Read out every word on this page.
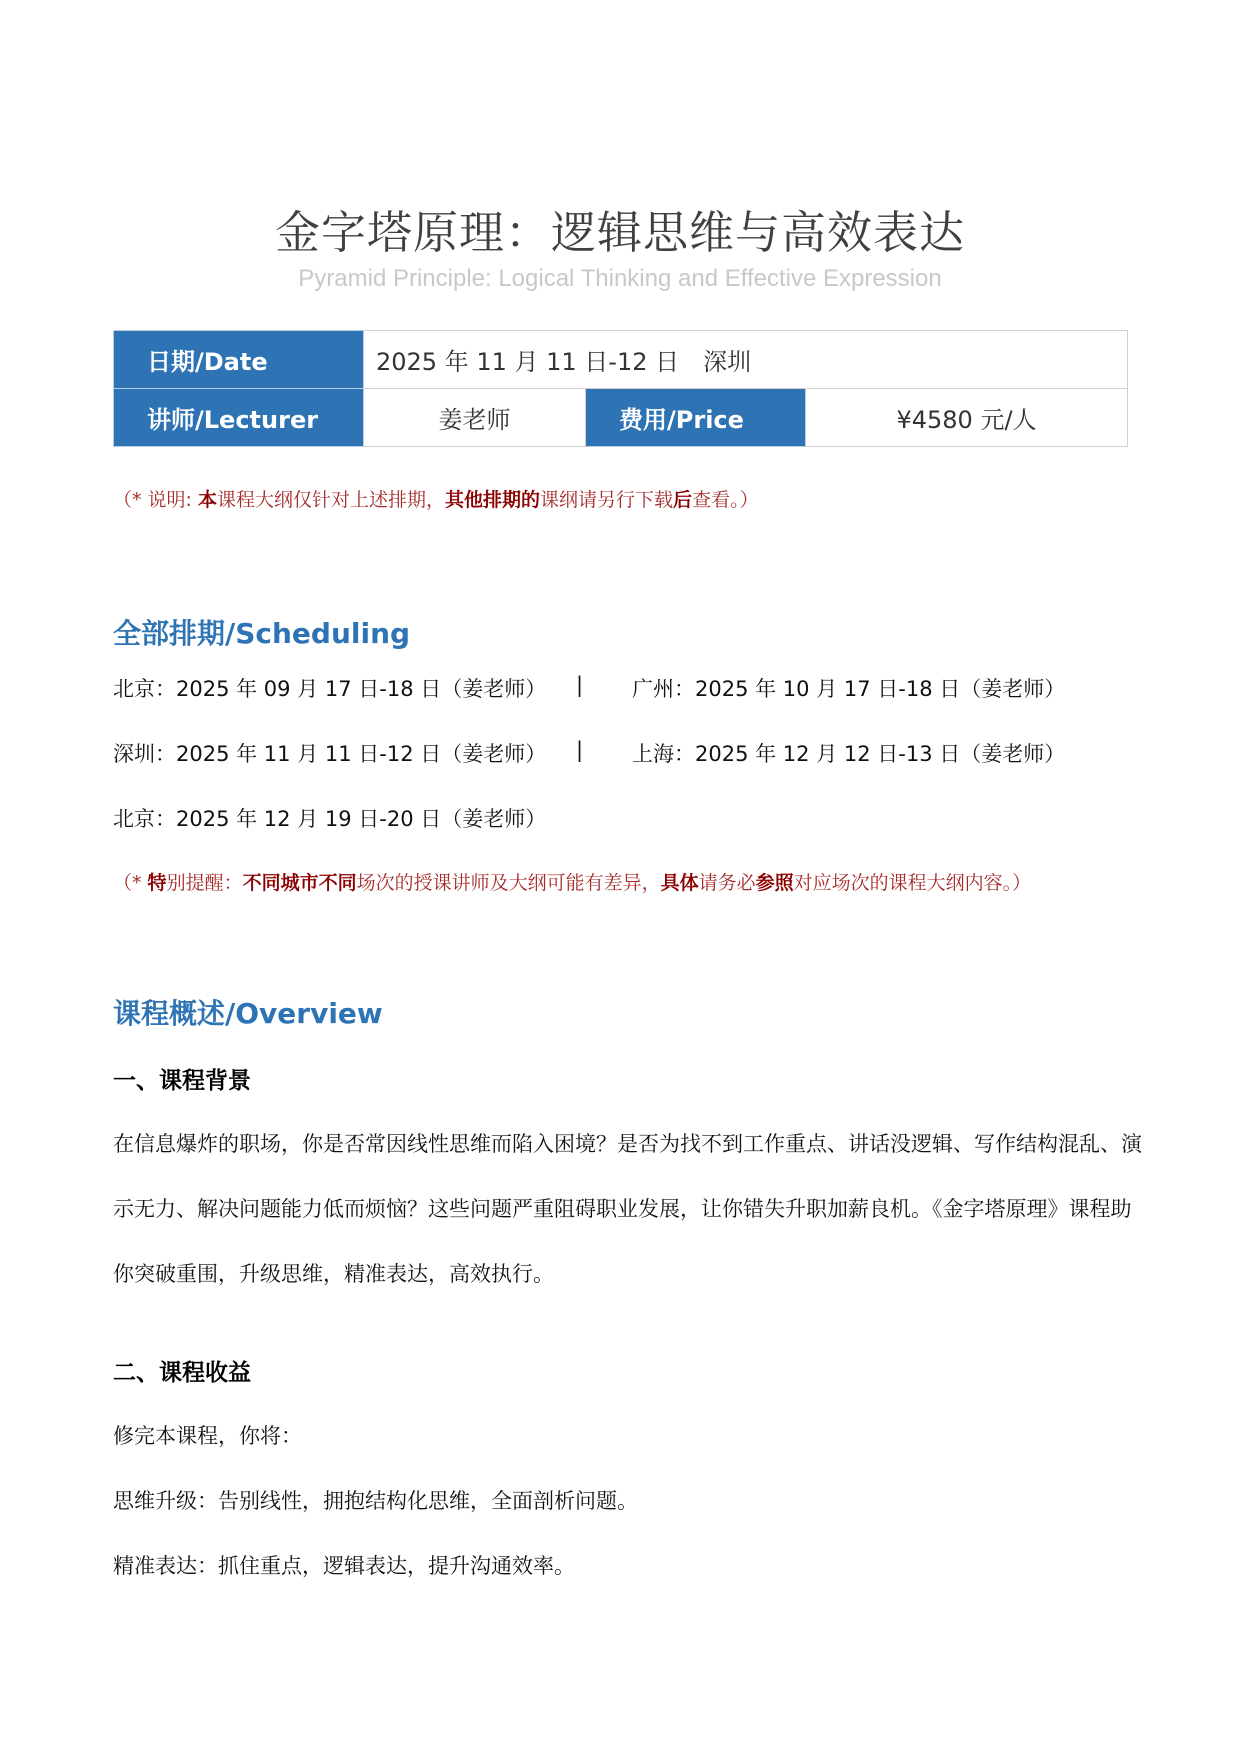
金字塔原理：逻辑思维与高效表达
Pyramid Principle: Logical Thinking and Effective Expression
日期/Date	2025 年 11 月 11 日-12 日　深圳		
讲师/Lecturer	姜老师	费用/Price	¥4580 元/人
（* 说明: 本课程大纲仅针对上述排期，其他排期的课纲请另行下载后查看。）
全部排期/Scheduling
北京：2025 年 09 月 17 日-18 日（姜老师） | 广州：2025 年 10 月 17 日-18 日（姜老师）
深圳：2025 年 11 月 11 日-12 日（姜老师） | 上海：2025 年 12 月 12 日-13 日（姜老师）
北京：2025 年 12 月 19 日-20 日（姜老师）
（* 特别提醒：不同城市不同场次的授课讲师及大纲可能有差异，具体请务必参照对应场次的课程大纲内容。）
课程概述/Overview
一、课程背景
在信息爆炸的职场，你是否常因线性思维而陷入困境？是否为找不到工作重点、讲话没逻辑、写作结构混乱、演
示无力、解决问题能力低而烦恼？这些问题严重阻碍职业发展，让你错失升职加薪良机。《金字塔原理》课程助
你突破重围，升级思维，精准表达，高效执行。
二、课程收益
修完本课程，你将：
思维升级：告别线性，拥抱结构化思维，全面剖析问题。
精准表达：抓住重点，逻辑表达，提升沟通效率。
